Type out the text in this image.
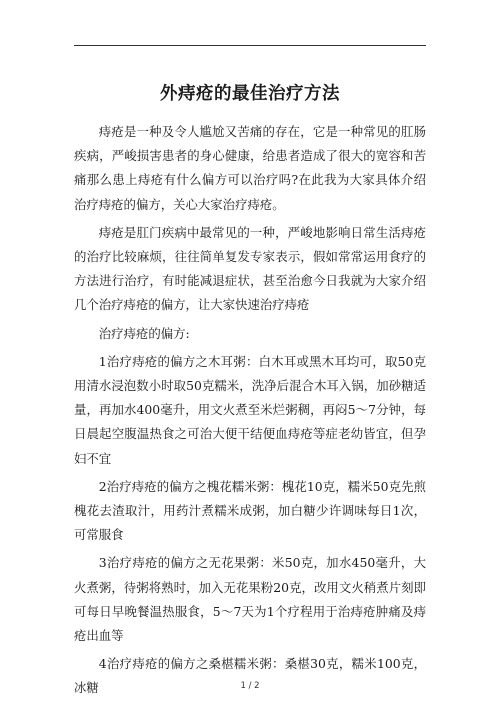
外痔疮的最佳治疗方法

痔疮是一种及令人尴尬又苦痛的存在，它是一种常见的肛肠疾病，严峻损害患者的身心健康，给患者造成了很大的宽容和苦痛那么患上痔疮有什么偏方可以治疗吗?在此我为大家具体介绍治疗痔疮的偏方，关心大家治疗痔疮。

痔疮是肛门疾病中最常见的一种，严峻地影响日常生活痔疮的治疗比较麻烦，往往简单复发专家表示，假如常常运用食疗的方法进行治疗，有时能减退症状，甚至治愈今日我就为大家介绍几个治疗痔疮的偏方，让大家快速治疗痔疮

治疗痔疮的偏方:

1治疗痔疮的偏方之木耳粥：白木耳或黑木耳均可，取50克用清水浸泡数小时取50克糯米，洗净后混合木耳入锅，加砂糖适量，再加水400毫升，用文火煮至米烂粥稠，再闷5～7分钟，每日晨起空腹温热食之可治大便干结便血痔疮等症老幼皆宜，但孕妇不宜

2治疗痔疮的偏方之槐花糯米粥：槐花10克，糯米50克先煎槐花去渣取汁，用药汁煮糯米成粥，加白糖少许调味每日1次，可常服食

3治疗痔疮的偏方之无花果粥：米50克，加水450毫升，大火煮粥，待粥将熟时，加入无花果粉20克，改用文火稍煮片刻即可每日早晚餐温热服食，5～7天为1个疗程用于治痔疮肿痛及痔疮出血等

4治疗痔疮的偏方之桑椹糯米粥：桑椹30克，糯米100克，冰糖	1 / 2
